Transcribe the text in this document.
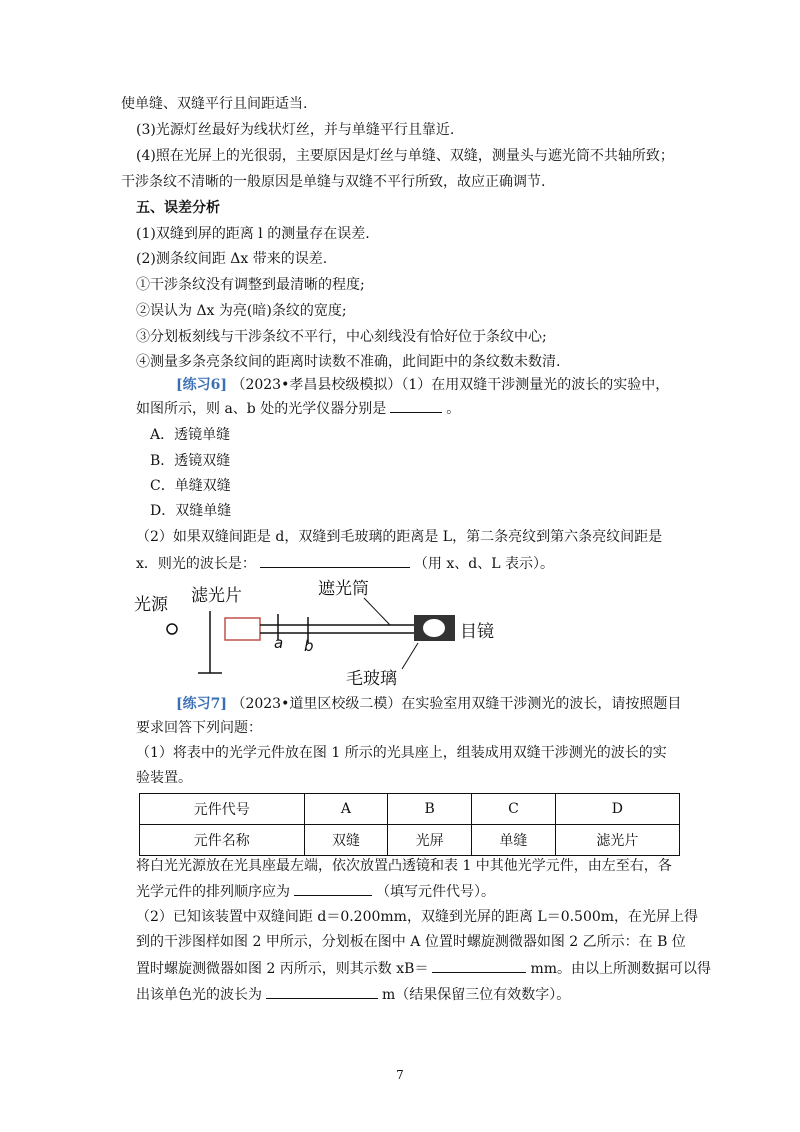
使单缝、双缝平行且间距适当.
(3)光源灯丝最好为线状灯丝，并与单缝平行且靠近.
(4)照在光屏上的光很弱，主要原因是灯丝与单缝、双缝，测量头与遮光筒不共轴所致；
干涉条纹不清晰的一般原因是单缝与双缝不平行所致，故应正确调节.
五、误差分析
(1)双缝到屏的距离 l 的测量存在误差.
(2)测条纹间距 Δx 带来的误差.
①干涉条纹没有调整到最清晰的程度;
②误认为 Δx 为亮(暗)条纹的宽度;
③分划板刻线与干涉条纹不平行，中心刻线没有恰好位于条纹中心;
④测量多条亮条纹间的距离时读数不准确，此间距中的条纹数未数清.
[练习6] （2023•孝昌县校级模拟）（1）在用双缝干涉测量光的波长的实验中，
如图所示，则 a、b 处的光学仪器分别是	。
A．透镜单缝
B．透镜双缝
C．单缝双缝
D．双缝单缝
（2）如果双缝间距是 d，双缝到毛玻璃的距离是 L，第二条亮纹到第六条亮纹间距是
x．则光的波长是：	（用 x、d、L 表示）。
光源 滤光片
a b
遮光筒
目镜
毛玻璃
[练习7] （2023•道里区校级二模）在实验室用双缝干涉测光的波长，请按照题目
要求回答下列问题：
（1）将表中的光学元件放在图 1 所示的光具座上，组装成用双缝干涉测光的波长的实
验装置。
元件代号	A	B	C	D
元件名称	双缝	光屏	单缝	滤光片
将白光光源放在光具座最左端，依次放置凸透镜和表 1 中其他光学元件，由左至右，各
光学元件的排列顺序应为	（填写元件代号）。
（2）已知该装置中双缝间距 d＝0.200mm，双缝到光屏的距离 L＝0.500m，在光屏上得
到的干涉图样如图 2 甲所示，分划板在图中 A 位置时螺旋测微器如图 2 乙所示：在 B 位
置时螺旋测微器如图 2 丙所示，则其示数 xB＝	mm。由以上所测数据可以得
出该单色光的波长为	m（结果保留三位有效数字）。
7
